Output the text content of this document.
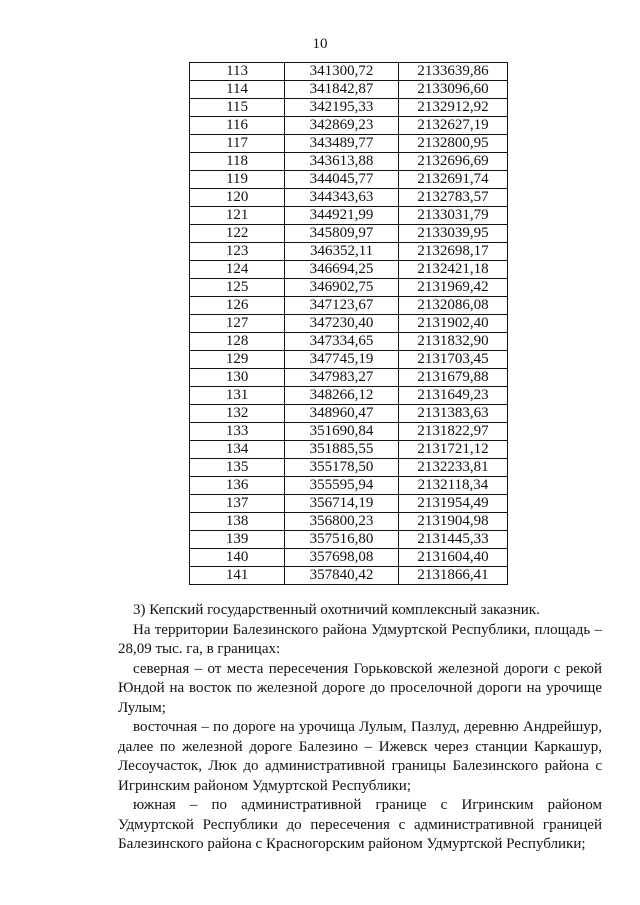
10
113	341300,72	2133639,86
114	341842,87	2133096,60
115	342195,33	2132912,92
116	342869,23	2132627,19
117	343489,77	2132800,95
118	343613,88	2132696,69
119	344045,77	2132691,74
120	344343,63	2132783,57
121	344921,99	2133031,79
122	345809,97	2133039,95
123	346352,11	2132698,17
124	346694,25	2132421,18
125	346902,75	2131969,42
126	347123,67	2132086,08
127	347230,40	2131902,40
128	347334,65	2131832,90
129	347745,19	2131703,45
130	347983,27	2131679,88
131	348266,12	2131649,23
132	348960,47	2131383,63
133	351690,84	2131822,97
134	351885,55	2131721,12
135	355178,50	2132233,81
136	355595,94	2132118,34
137	356714,19	2131954,49
138	356800,23	2131904,98
139	357516,80	2131445,33
140	357698,08	2131604,40
141	357840,42	2131866,41

3) Кепский государственный охотничий комплексный заказник.

На территории Балезинского района Удмуртской Республики, площадь – 28,09 тыс. га, в границах:

северная – от места пересечения Горьковской железной дороги с рекой Юндой на восток по железной дороге до проселочной дороги на урочище Лулым;

восточная – по дороге на урочища Лулым, Пазлуд, деревню Андрейшур, далее по железной дороге Балезино – Ижевск через станции Каркашур, Лесоучасток, Люк до административной границы Балезинского района с Игринским районом Удмуртской Республики;

южная – по административной границе с Игринским районом Удмуртской Республики до пересечения с административной границей Балезинского района с Красногорским районом Удмуртской Республики;
